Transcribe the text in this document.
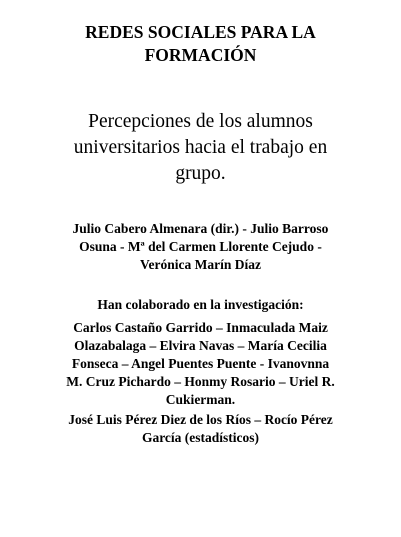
REDES SOCIALES PARA LA
FORMACIÓN
Percepciones de los alumnos
universitarios hacia el trabajo en
grupo.
Julio Cabero Almenara (dir.) - Julio Barroso
Osuna - Mª del Carmen Llorente Cejudo -
Verónica Marín Díaz
Han colaborado en la investigación:
Carlos Castaño Garrido – Inmaculada Maiz
Olazabalaga – Elvira Navas – María Cecilia
Fonseca – Angel Puentes Puente - Ivanovnna
M. Cruz Pichardo – Honmy Rosario – Uriel R.
Cukierman.
José Luis Pérez Diez de los Ríos – Rocío Pérez
García (estadísticos)
